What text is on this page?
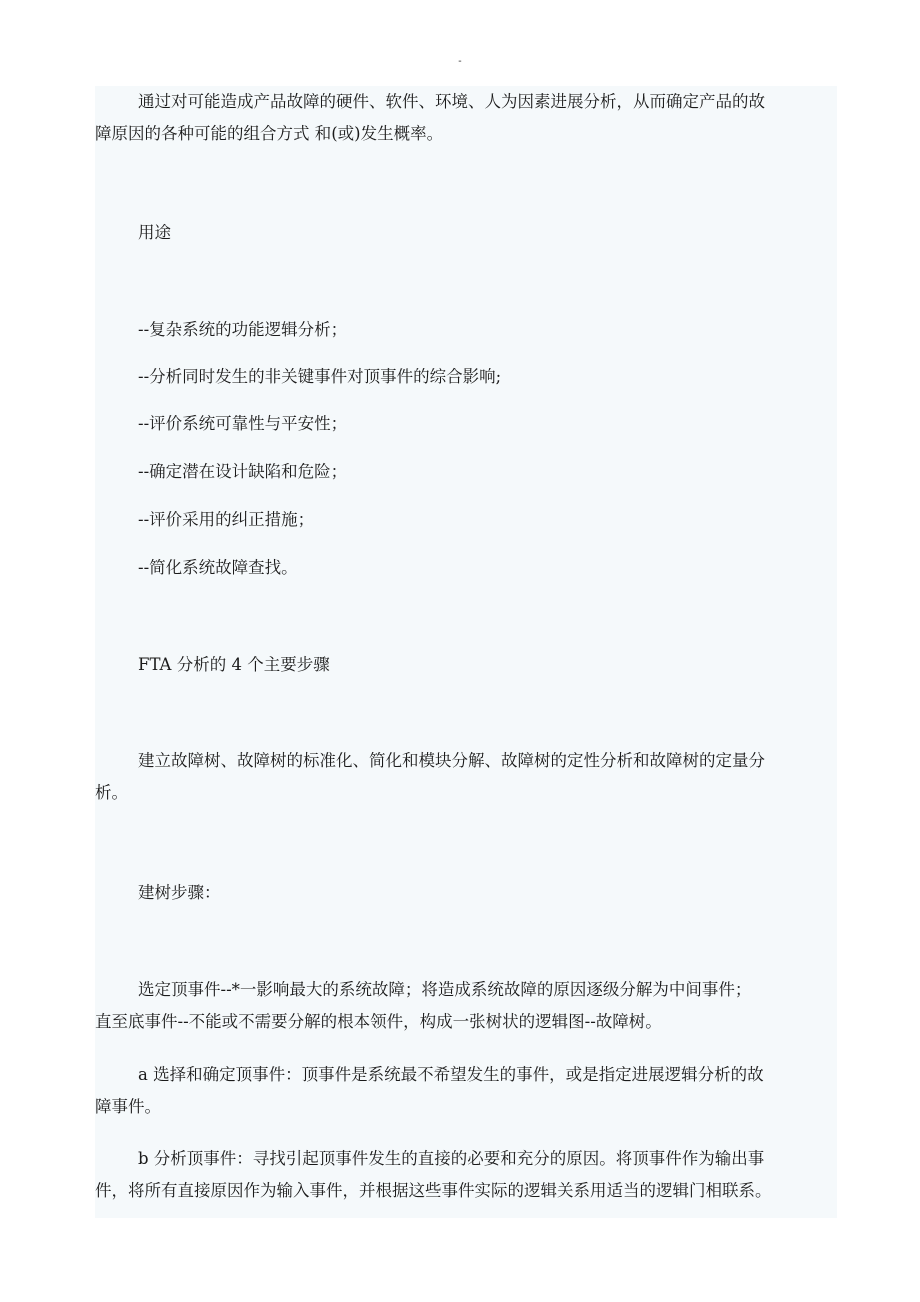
-
通过对可能造成产品故障的硬件、软件、环境、人为因素进展分析，从而确定产品的故
障原因的各种可能的组合方式 和(或)发生概率。
用途
--复杂系统的功能逻辑分析；
--分析同时发生的非关键事件对顶事件的综合影响;
--评价系统可靠性与平安性；
--确定潜在设计缺陷和危险；
--评价采用的纠正措施；
--简化系统故障查找。
FTA 分析的 4 个主要步骤
建立故障树、故障树的标准化、简化和模块分解、故障树的定性分析和故障树的定量分
析。
建树步骤：
选定顶事件--*一影响最大的系统故障；将造成系统故障的原因逐级分解为中间事件；
直至底事件--不能或不需要分解的根本领件，构成一张树状的逻辑图--故障树。
a 选择和确定顶事件：顶事件是系统最不希望发生的事件，或是指定进展逻辑分析的故
障事件。
b 分析顶事件：寻找引起顶事件发生的直接的必要和充分的原因。将顶事件作为输出事
件，将所有直接原因作为输入事件，并根据这些事件实际的逻辑关系用适当的逻辑门相联系。
